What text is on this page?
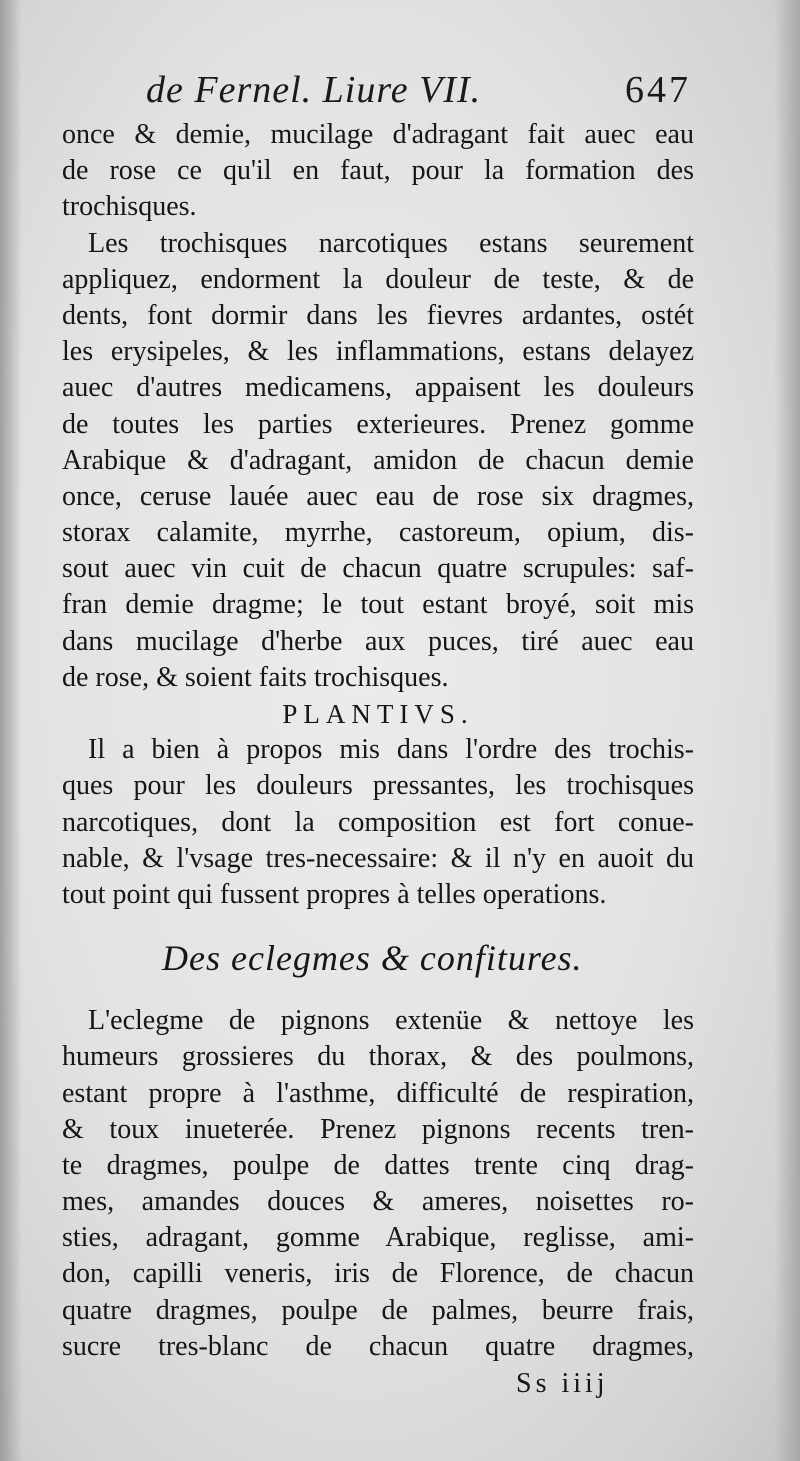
de Fernel. Liure VII.	647
once & demie, mucilage d'adragant fait auec eau
de rose ce qu'il en faut, pour la formation des
trochisques.
Les trochisques narcotiques estans seurement
appliquez, endorment la douleur de teste, & de
dents, font dormir dans les fievres ardantes, ostét
les erysipeles, & les inflammations, estans delayez
auec d'autres medicamens, appaisent les douleurs
de toutes les parties exterieures. Prenez gomme
Arabique & d'adragant, amidon de chacun demie
once, ceruse lauée auec eau de rose six dragmes,
storax calamite, myrrhe, castoreum, opium, dis-
sout auec vin cuit de chacun quatre scrupules: saf-
fran demie dragme; le tout estant broyé, soit mis
dans mucilage d'herbe aux puces, tiré auec eau
de rose, & soient faits trochisques.
PLANTIVS.
Il a bien à propos mis dans l'ordre des trochis-
ques pour les douleurs pressantes, les trochisques
narcotiques, dont la composition est fort conue-
nable, & l'vsage tres-necessaire: & il n'y en auoit du
tout point qui fussent propres à telles operations.
Des eclegmes & confitures.
L'eclegme de pignons extenüe & nettoye les
humeurs grossieres du thorax, & des poulmons,
estant propre à l'asthme, difficulté de respiration,
& toux inueterée. Prenez pignons recents tren-
te dragmes, poulpe de dattes trente cinq drag-
mes, amandes douces & ameres, noisettes ro-
sties, adragant, gomme Arabique, reglisse, ami-
don, capilli veneris, iris de Florence, de chacun
quatre dragmes, poulpe de palmes, beurre frais,
sucre tres-blanc de chacun quatre dragmes,
Ss iiij
